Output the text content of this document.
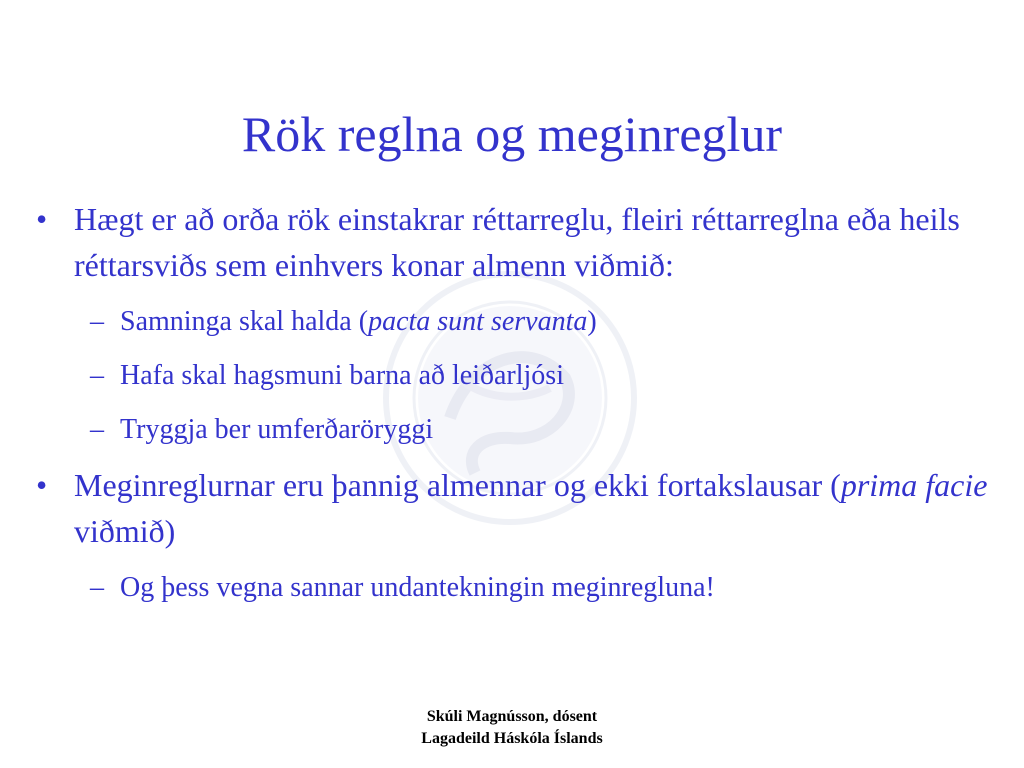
Rök reglna og meginreglur
• Hægt er að orða rök einstakrar réttarreglu, fleiri réttarreglna eða heils réttarsviðs sem einhvers konar almenn viðmið:
– Samninga skal halda (pacta sunt servanta)
– Hafa skal hagsmuni barna að leiðarljósi
– Tryggja ber umferðaröryggi
• Meginreglurnar eru þannig almennar og ekki fortakslausar (prima facie viðmið)
– Og þess vegna sannar undantekningin meginregluna!
Skúli Magnússon, dósent
Lagadeild Háskóla Íslands
